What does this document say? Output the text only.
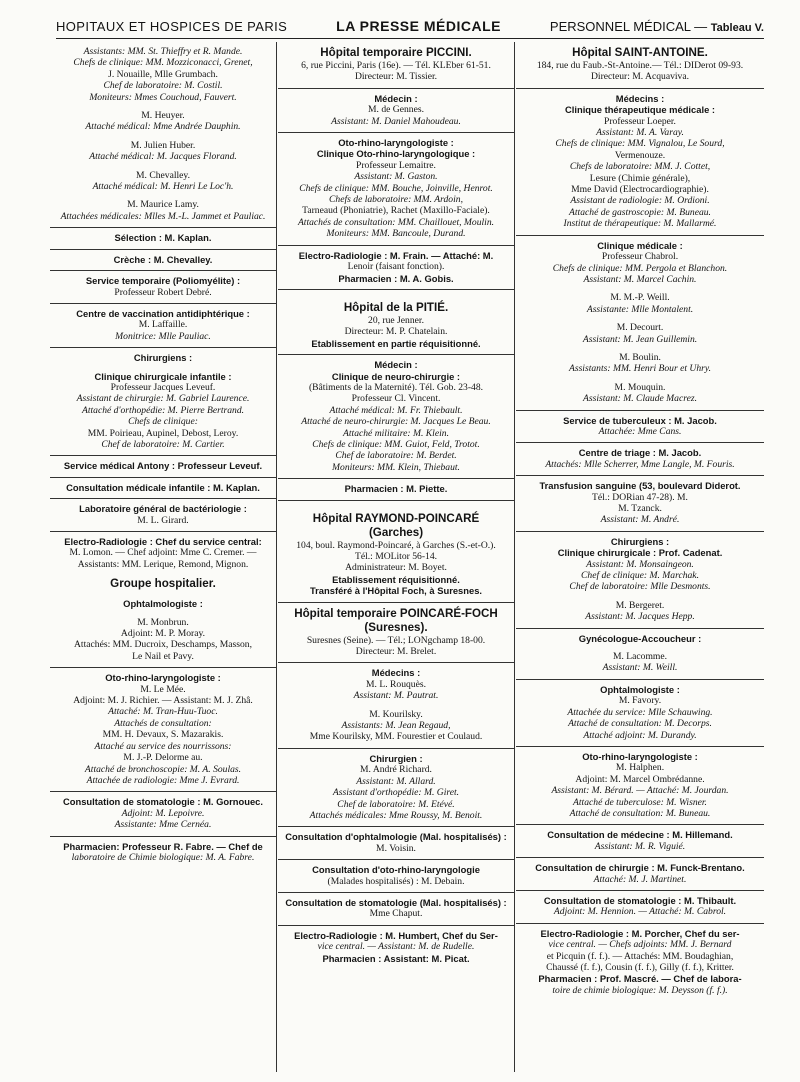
HOPITAUX ET HOSPICES DE PARIS	LA PRESSE MÉDICALE	PERSONNEL MÉDICAL — Tableau V.
Assistants: MM. St. Thieffry et R. Mande.
Chefs de clinique: MM. Mozziconacci, Grenet,
J. Nouaille, Mlle Grumbach.
Chef de laboratoire: M. Costil.
Moniteurs: Mmes Couchoud, Fauvert.
M. Heuyer.
Attaché médical: Mme Andrée Dauphin.
M. Julien Huber.
Attaché médical: M. Jacques Florand.
M. Chevalley.
Attaché médical: M. Henri Le Loc'h.
M. Maurice Lamy.
Attachées médicales: Mlles M.-L. Jammet et Pauliac.
Sélection : M. Kaplan.
Crèche : M. Chevalley.
Service temporaire (Poliomyélite) :
Professeur Robert Debré.
Centre de vaccination antidiphtérique :
M. Laffaille.
Monitrice: Mlle Pauliac.
Chirurgiens :
Clinique chirurgicale infantile :
Professeur Jacques Leveuf.
Assistant de chirurgie: M. Gabriel Laurence.
Attaché d'orthopédie: M. Pierre Bertrand.
Chefs de clinique:
MM. Poirieau, Aupinel, Debost, Leroy.
Chef de laboratoire: M. Cartier.
Service médical Antony : Professeur Leveuf.
Consultation médicale infantile : M. Kaplan.
Laboratoire général de bactériologie :
M. L. Girard.
Electro-Radiologie : Chef du service central:
M. Lomon. — Chef adjoint: Mme C. Cremer. —
Assistants: MM. Lerique, Remond, Mignon.
Groupe hospitalier.
Ophtalmologiste :
M. Monbrun.
Adjoint: M. P. Moray.
Attachés: MM. Ducroix, Deschamps, Masson,
Le Nail et Pavy.
Oto-rhino-laryngologiste :
M. Le Mée.
Adjoint: M. J. Richier. — Assistant: M. J. Zhâ.
Attaché: M. Tran-Huu-Tuoc.
Attachés de consultation:
MM. H. Devaux, S. Mazarakis.
Attaché au service des nourrissons:
M. J.-P. Delorme au.
Attaché de bronchoscopie: M. A. Soulas.
Attachée de radiologie: Mme J. Evrard.
Consultation de stomatologie : M. Gornouec.
Adjoint: M. Lepoivre.
Assistante: Mme Cernéa.
Pharmacien: Professeur R. Fabre. — Chef de
laboratoire de Chimie biologique: M. A. Fabre.
Hôpital temporaire PICCINI.
6, rue Piccini, Paris (16e). — Tél. KLEber 61-51.
Directeur: M. Tissier.
Médecin :
M. de Gennes.
Assistant: M. Daniel Mahoudeau.
Oto-rhino-laryngologiste :
Clinique Oto-rhino-laryngologique :
Professeur Lemaitre.
Assistant: M. Gaston.
Chefs de clinique: MM. Bouche, Joinville, Henrot.
Chefs de laboratoire: MM. Ardoin,
Tarneaud (Phoniatrie), Rachet (Maxillo-Faciale).
Attachés de consultation: MM. Chaillouet, Moulin.
Moniteurs: MM. Bancoule, Durand.
Electro-Radiologie : M. Frain. — Attaché: M.
Lenoir (faisant fonction).
Pharmacien : M. A. Gobis.
Hôpital de la PITIÉ.
20, rue Jenner.
Directeur: M. P. Chatelain.
Etablissement en partie réquisitionné.
Médecin :
Clinique de neuro-chirurgie :
(Bâtiments de la Maternité). Tél. Gob. 23-48.
Professeur Cl. Vincent.
Attaché médical: M. Fr. Thiebault.
Attaché de neuro-chirurgie: M. Jacques Le Beau.
Attaché militaire: M. Klein.
Chefs de clinique: MM. Guiot, Feld, Trotot.
Chef de laboratoire: M. Berdet.
Moniteurs: MM. Klein, Thiebaut.
Pharmacien : M. Piette.
Hôpital RAYMOND-POINCARÉ
(Garches)
104, boul. Raymond-Poincaré, à Garches (S.-et-O.).
Tél.: MOLitor 56-14.
Administrateur: M. Boyet.
Etablissement réquisitionné.
Transféré à l'Hôpital Foch, à Suresnes.
Hôpital temporaire POINCARÉ-FOCH
(Suresnes).
Suresnes (Seine). — Tél.; LONgchamp 18-00.
Directeur: M. Brelet.
Médecins :
M. L. Rouquès.
Assistant: M. Pautrat.
M. Kourilsky.
Assistants: M. Jean Regaud,
Mme Kourilsky, MM. Fourestier et Coulaud.
Chirurgien :
M. André Richard.
Assistant: M. Allard.
Assistant d'orthopédie: M. Giret.
Chef de laboratoire: M. Etévé.
Attachés médicales: Mme Roussy, M. Benoit.
Consultation d'ophtalmologie (Mal. hospitalisés) :
M. Voisin.
Consultation d'oto-rhino-laryngologie
(Malades hospitalisés) : M. Debain.
Consultation de stomatologie (Mal. hospitalisés) :
Mme Chaput.
Electro-Radiologie : M. Humbert, Chef du Ser-
vice central. — Assistant: M. de Rudelle.
Pharmacien : Assistant: M. Picat.
Hôpital SAINT-ANTOINE.
184, rue du Faub.-St-Antoine.— Tél.: DIDerot 09-93.
Directeur: M. Acquaviva.
Médecins :
Clinique thérapeutique médicale :
Professeur Loeper.
Assistant: M. A. Varay.
Chefs de clinique: MM. Vignalou, Le Sourd,
Vermenouze.
Chefs de laboratoire: MM. J. Cottet,
Lesure (Chimie générale),
Mme David (Electrocardiographie).
Assistant de radiologie: M. Ordioni.
Attaché de gastroscopie: M. Buneau.
Institut de thérapeutique: M. Mallarmé.
Clinique médicale :
Professeur Chabrol.
Chefs de clinique: MM. Pergola et Blanchon.
Assistant: M. Marcel Cachin.
M. M.-P. Weill.
Assistante: Mlle Montalent.
M. Decourt.
Assistant: M. Jean Guillemin.
M. Boulin.
Assistants: MM. Henri Bour et Uhry.
M. Mouquin.
Assistant: M. Claude Macrez.
Service de tuberculeux : M. Jacob.
Attachée: Mme Cans.
Centre de triage : M. Jacob.
Attachés: Mlle Scherrer, Mme Langle, M. Fouris.
Transfusion sanguine (53, boulevard Diderot.
Tél.: DORian 47-28). M.
M. Tzanck.
Assistant: M. André.
Chirurgiens :
Clinique chirurgicale : Prof. Cadenat.
Assistant: M. Monsaingeon.
Chef de clinique: M. Marchak.
Chef de laboratoire: Mlle Desmonts.
M. Bergeret.
Assistant: M. Jacques Hepp.
Gynécologue-Accoucheur :
M. Lacomme.
Assistant: M. Weill.
Ophtalmologiste :
M. Favory.
Attachée du service: Mlle Schauwing.
Attaché de consultation: M. Decorps.
Attaché adjoint: M. Durandy.
Oto-rhino-laryngologiste :
M. Halphen.
Adjoint: M. Marcel Ombrédanne.
Assistant: M. Bérard. — Attaché: M. Jourdan.
Attaché de tuberculose: M. Wisner.
Attaché de consultation: M. Buneau.
Consultation de médecine : M. Hillemand.
Assistant: M. R. Viguié.
Consultation de chirurgie : M. Funck-Brentano.
Attaché: M. J. Martinet.
Consultation de stomatologie : M. Thibault.
Adjoint: M. Hennion. — Attaché: M. Cabrol.
Electro-Radiologie : M. Porcher, Chef du ser-
vice central. — Chefs adjoints: MM. J. Bernard
et Picquin (f. f.). — Attachés: MM. Boudaghian,
Chaussé (f. f.), Cousin (f. f.), Gilly (f. f.), Kritter.
Pharmacien : Prof. Mascré. — Chef de labora-
toire de chimie biologique: M. Deysson (f. f.).
